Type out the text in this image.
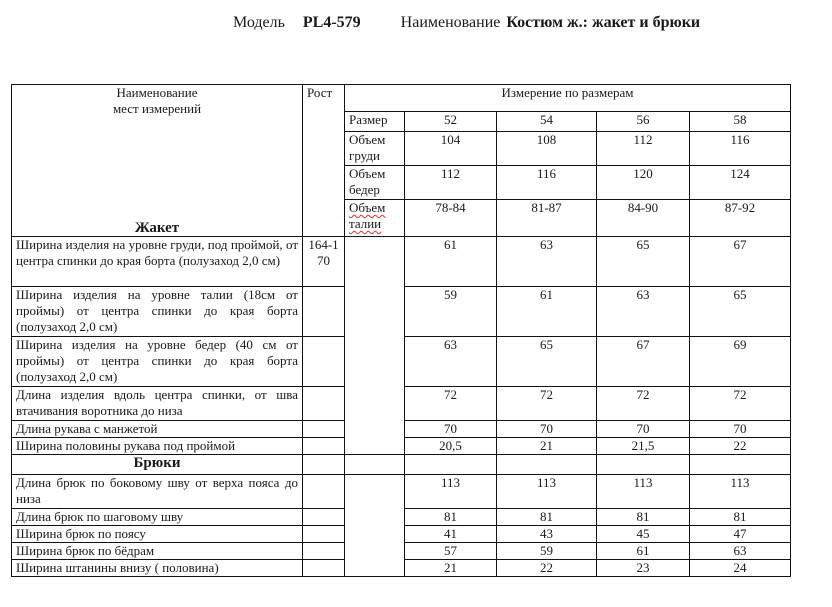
Модель PL4-579	Наименование Костюм ж.: жакет и брюки
Наименование
мест измерений
Жакет	Рост	Измерение по размерам				
		Размер	52	54	56	58
		Объем груди	104	108	112	116
		Объем бедер	112	116	120	124
		Объем талии	78-84	81-87	84-90	87-92
Ширина изделия на уровне груди, под проймой, от центра спинки до края борта (полузаход 2,0 см)	164-170		61	63	65	67
Ширина изделия на уровне талии (18см от проймы) от центра спинки до края борта (полузаход 2,0 см)			59	61	63	65
Ширина изделия на уровне бедер (40 см от проймы) от центра спинки до края борта (полузаход 2,0 см)			63	65	67	69
Длина изделия вдоль центра спинки, от шва втачивания воротника до низа			72	72	72	72
Длина рукава с манжетой			70	70	70	70
Ширина половины рукава под проймой			20,5	21	21,5	22
Брюки						
Длина брюк по боковому шву от верха пояса до низа			113	113	113	113
Длина брюк по шаговому шву			81	81	81	81
Ширина брюк по поясу			41	43	45	47
Ширина брюк по бёдрам			57	59	61	63
Ширина штанины внизу ( половина)			21	22	23	24
